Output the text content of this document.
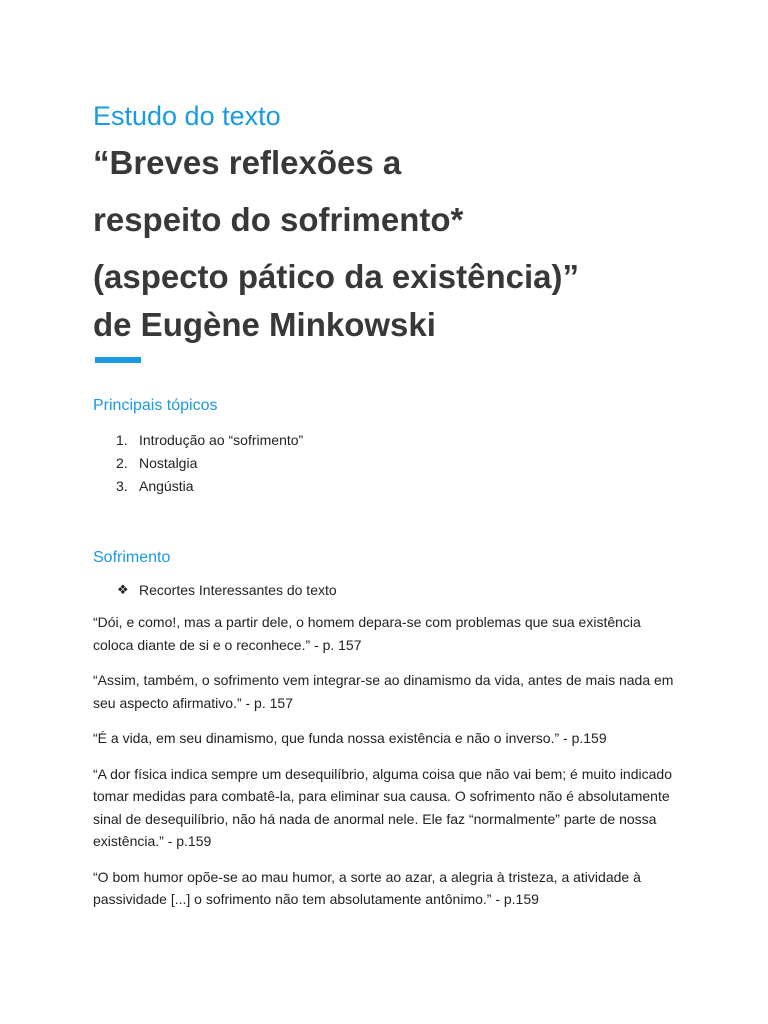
Estudo do texto
“Breves reflexões a
respeito do sofrimento*
(aspecto pático da existência)”
de Eugène Minkowski
Principais tópicos
1. Introdução ao “sofrimento”
2. Nostalgia
3. Angústia
Sofrimento
❖ Recortes Interessantes do texto

“Dói, e como!, mas a partir dele, o homem depara-se com problemas que sua existência coloca diante de si e o reconhece.” - p. 157

“Assim, também, o sofrimento vem integrar-se ao dinamismo da vida, antes de mais nada em seu aspecto afirmativo.” - p. 157

“É a vida, em seu dinamismo, que funda nossa existência e não o inverso.” - p.159

“A dor física indica sempre um desequilíbrio, alguma coisa que não vai bem; é muito indicado tomar medidas para combatê-la, para eliminar sua causa. O sofrimento não é absolutamente sinal de desequilíbrio, não há nada de anormal nele. Ele faz “normalmente” parte de nossa existência.” - p.159

“O bom humor opõe-se ao mau humor, a sorte ao azar, a alegria à tristeza, a atividade à passividade [...] o sofrimento não tem absolutamente antônimo.” - p.159
